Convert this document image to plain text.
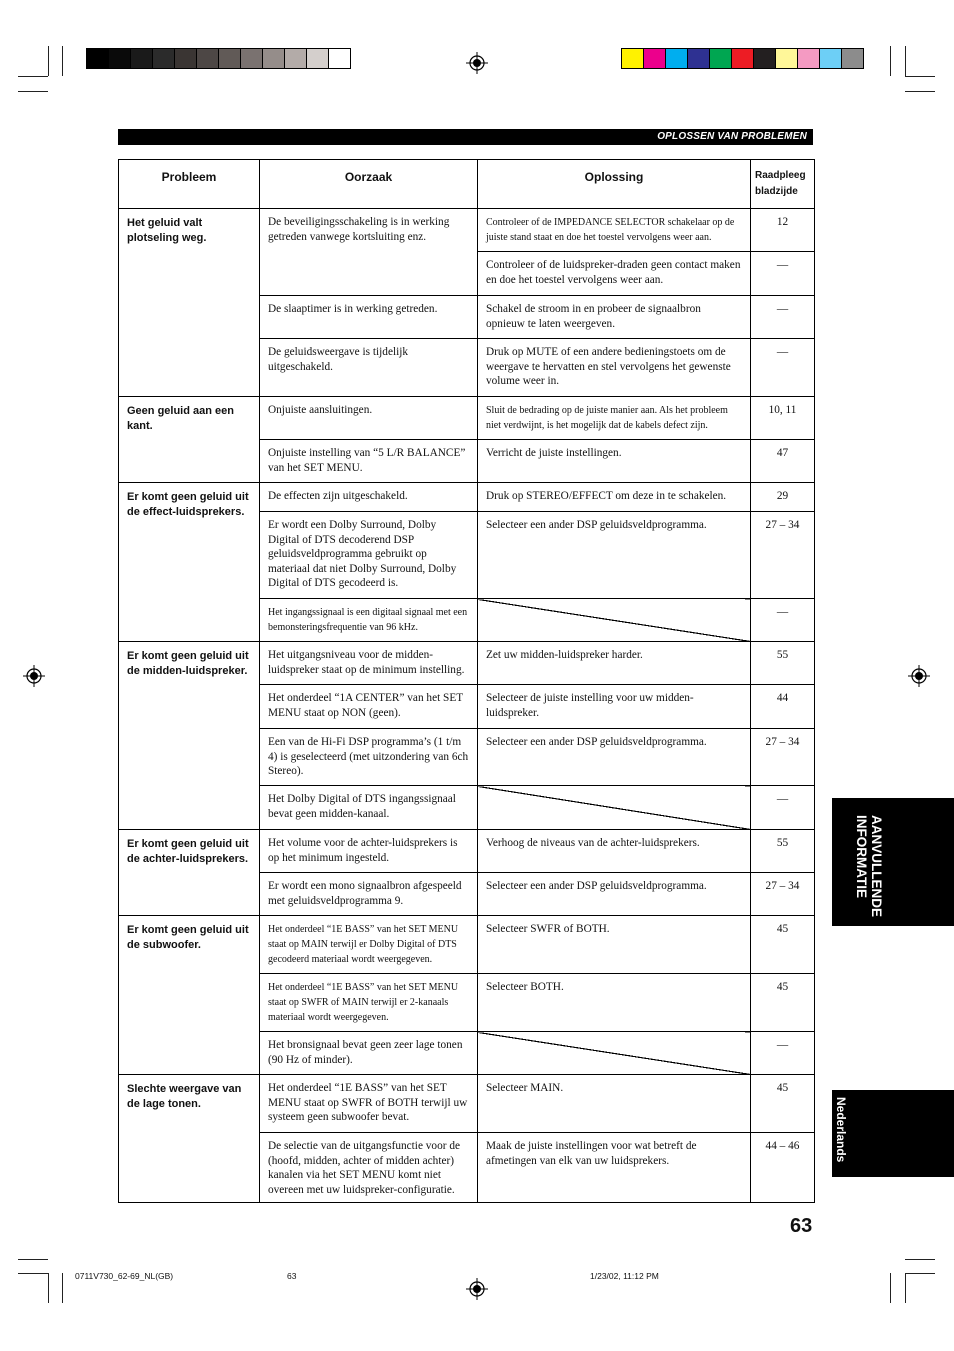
OPLOSSEN VAN PROBLEMEN
Probleem	Oorzaak	Oplossing	Raadpleeg bladzijde
Het geluid valt plotseling weg.	De beveiligingsschakeling is in werking getreden vanwege kortsluiting enz.	Controleer of de IMPEDANCE SELECTOR schakelaar op de juiste stand staat en doe het toestel vervolgens weer aan.	12
		Controleer of de luidspreker-draden geen contact maken en doe het toestel vervolgens weer aan.	—
	De slaaptimer is in werking getreden.	Schakel de stroom in en probeer de signaalbron opnieuw te laten weergeven.	—
	De geluidsweergave is tijdelijk uitgeschakeld.	Druk op MUTE of een andere bedieningstoets om de weergave te hervatten en stel vervolgens het gewenste volume weer in.	—
Geen geluid aan een kant.	Onjuiste aansluitingen.	Sluit de bedrading op de juiste manier aan. Als het probleem niet verdwijnt, is het mogelijk dat de kabels defect zijn.	10, 11
	Onjuiste instelling van “5 L/R BALANCE” van het SET MENU.	Verricht de juiste instellingen.	47
Er komt geen geluid uit de effect-luidsprekers.	De effecten zijn uitgeschakeld.	Druk op STEREO/EFFECT om deze in te schakelen.	29
	Er wordt een Dolby Surround, Dolby Digital of DTS decoderend DSP geluidsveldprogramma gebruikt op materiaal dat niet Dolby Surround, Dolby Digital of DTS gecodeerd is.	Selecteer een ander DSP geluidsveldprogramma.	27 – 34
	Het ingangssignaal is een digitaal signaal met een bemonsteringsfrequentie van 96 kHz.		—
Er komt geen geluid uit de midden-luidspreker.	Het uitgangsniveau voor de midden-luidspreker staat op de minimum instelling.	Zet uw midden-luidspreker harder.	55
	Het onderdeel “1A CENTER” van het SET MENU staat op NON (geen).	Selecteer de juiste instelling voor uw midden-luidspreker.	44
	Een van de Hi-Fi DSP programma’s (1 t/m 4) is geselecteerd (met uitzondering van 6ch Stereo).	Selecteer een ander DSP geluidsveldprogramma.	27 – 34
	Het Dolby Digital of DTS ingangssignaal bevat geen midden-kanaal.		—
Er komt geen geluid uit de achter-luidsprekers.	Het volume voor de achter-luidsprekers is op het minimum ingesteld.	Verhoog de niveaus van de achter-luidsprekers.	55
	Er wordt een mono signaalbron afgespeeld met geluidsveldprogramma 9.	Selecteer een ander DSP geluidsveldprogramma.	27 – 34
Er komt geen geluid uit de subwoofer.	Het onderdeel “1E BASS” van het SET MENU staat op MAIN terwijl er Dolby Digital of DTS gecodeerd materiaal wordt weergegeven.	Selecteer SWFR of BOTH.	45
	Het onderdeel “1E BASS” van het SET MENU staat op SWFR of MAIN terwijl er 2-kanaals materiaal wordt weergegeven.	Selecteer BOTH.	45
	Het bronsignaal bevat geen zeer lage tonen (90 Hz of minder).		—
Slechte weergave van de lage tonen.	Het onderdeel “1E BASS” van het SET MENU staat op SWFR of BOTH terwijl uw systeem geen subwoofer bevat.	Selecteer MAIN.	45
	De selectie van de uitgangsfunctie voor de (hoofd, midden, achter of midden achter) kanalen via het SET MENU komt niet overeen met uw luidspreker-configuratie.	Maak de juiste instellingen voor wat betreft de afmetingen van elk van uw luidsprekers.	44 – 46
AANVULLENDE
INFORMATIE
Nederlands
63
0711V730_62-69_NL(GB)	63	1/23/02, 11:12 PM
